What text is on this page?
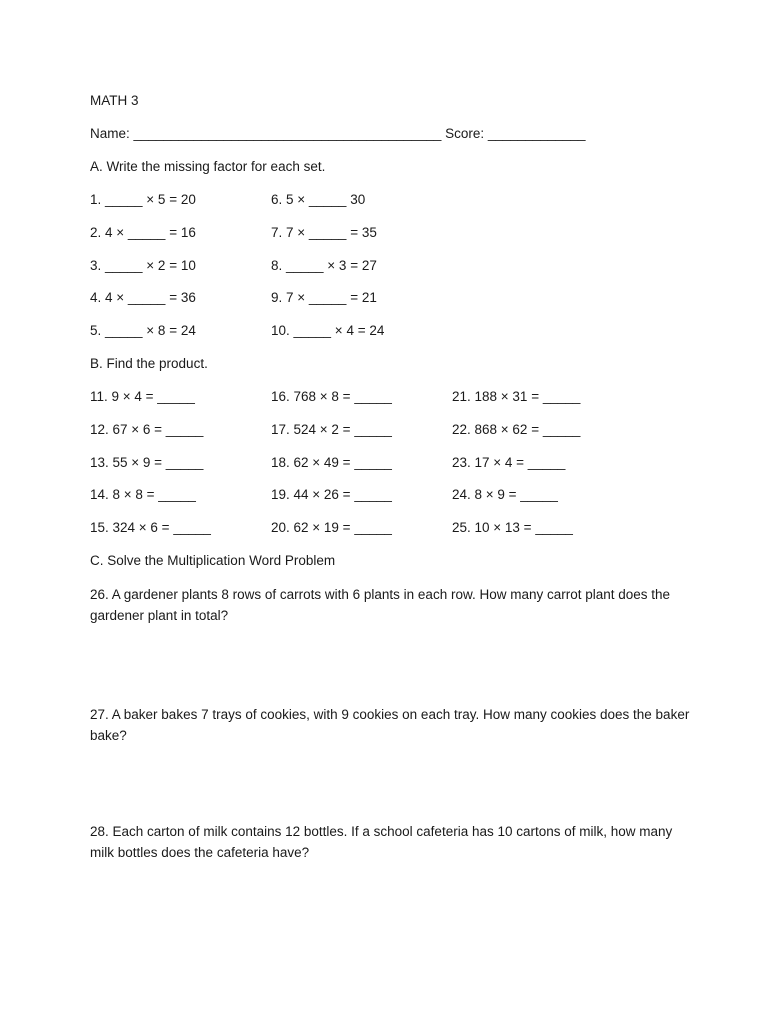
MATH 3
Name: _________________________________________ Score: _____________
A. Write the missing factor for each set.
1. _____ × 5 = 20
2. 4 × _____ = 16
3. _____ × 2 = 10
4. 4 × _____ = 36
5. _____ × 8 = 24
6. 5 × _____ 30
7. 7 × _____ = 35
8. _____ × 3 = 27
9. 7 × _____ = 21
10. _____ × 4 = 24
B. Find the product.
11. 9 × 4 = _____
12. 67 × 6 = _____
13. 55 × 9 = _____
14. 8 × 8 = _____
15. 324 × 6 = _____
16. 768 × 8 = _____
17. 524 × 2 = _____
18. 62 × 49 = _____
19. 44 × 26 = _____
20. 62 × 19 = _____
21. 188 × 31 = _____
22. 868 × 62 = _____
23. 17 × 4 = _____
24. 8 × 9 = _____
25. 10 × 13 = _____
C. Solve the Multiplication Word Problem
26. A gardener plants 8 rows of carrots with 6 plants in each row. How many carrot plant does the gardener plant in total?
27. A baker bakes 7 trays of cookies, with 9 cookies on each tray. How many cookies does the baker bake?
28. Each carton of milk contains 12 bottles. If a school cafeteria has 10 cartons of milk, how many milk bottles does the cafeteria have?
